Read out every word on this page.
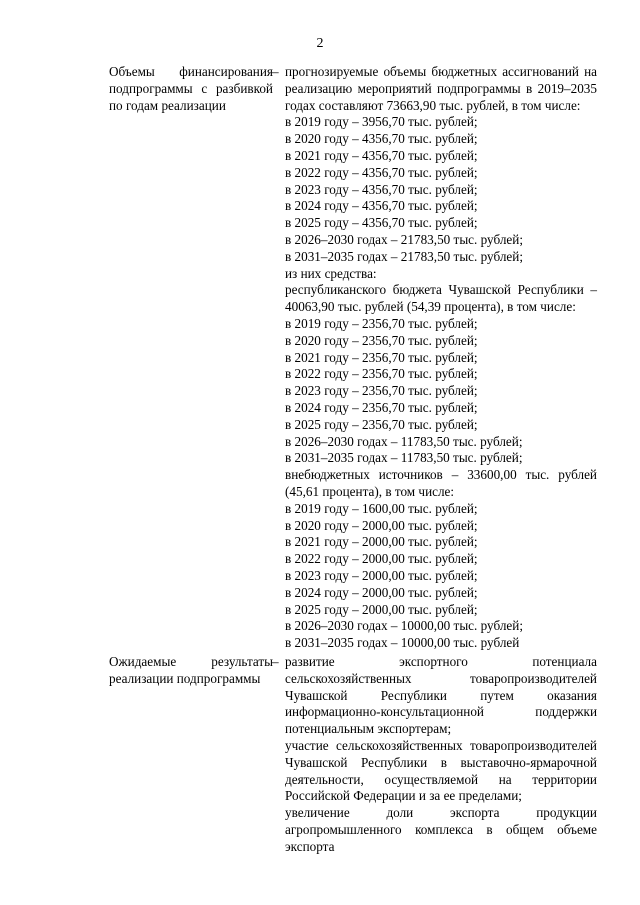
2
Объемы финансирования подпрограммы с разбивкой по годам реализации
– прогнозируемые объемы бюджетных ассигнований на реализацию мероприятий подпрограммы в 2019–2035 годах составляют 73663,90 тыс. рублей, в том числе:

в 2019 году – 3956,70 тыс. рублей;

в 2020 году – 4356,70 тыс. рублей;

в 2021 году – 4356,70 тыс. рублей;

в 2022 году – 4356,70 тыс. рублей;

в 2023 году – 4356,70 тыс. рублей;

в 2024 году – 4356,70 тыс. рублей;

в 2025 году – 4356,70 тыс. рублей;

в 2026–2030 годах – 21783,50 тыс. рублей;

в 2031–2035 годах – 21783,50 тыс. рублей;

из них средства:

республиканского бюджета Чувашской Республики – 40063,90 тыс. рублей (54,39 процента), в том числе:

в 2019 году – 2356,70 тыс. рублей;

в 2020 году – 2356,70 тыс. рублей;

в 2021 году – 2356,70 тыс. рублей;

в 2022 году – 2356,70 тыс. рублей;

в 2023 году – 2356,70 тыс. рублей;

в 2024 году – 2356,70 тыс. рублей;

в 2025 году – 2356,70 тыс. рублей;

в 2026–2030 годах – 11783,50 тыс. рублей;

в 2031–2035 годах – 11783,50 тыс. рублей;

внебюджетных источников – 33600,00 тыс. рублей (45,61 процента), в том числе:

в 2019 году – 1600,00 тыс. рублей;

в 2020 году – 2000,00 тыс. рублей;

в 2021 году – 2000,00 тыс. рублей;

в 2022 году – 2000,00 тыс. рублей;

в 2023 году – 2000,00 тыс. рублей;

в 2024 году – 2000,00 тыс. рублей;

в 2025 году – 2000,00 тыс. рублей;

в 2026–2030 годах – 10000,00 тыс. рублей;

в 2031–2035 годах – 10000,00 тыс. рублей

Ожидаемые результаты реализации подпрограммы
– развитие экспортного потенциала сельскохозяйственных товаропроизводителей Чувашской Республики путем оказания информационно-консультационной поддержки потенциальным экспортерам;

участие сельскохозяйственных товаропроизводителей Чувашской Республики в выставочно-ярмарочной деятельности, осуществляемой на территории Российской Федерации и за ее пределами;

увеличение доли экспорта продукции агропромышленного комплекса в общем объеме экспорта
